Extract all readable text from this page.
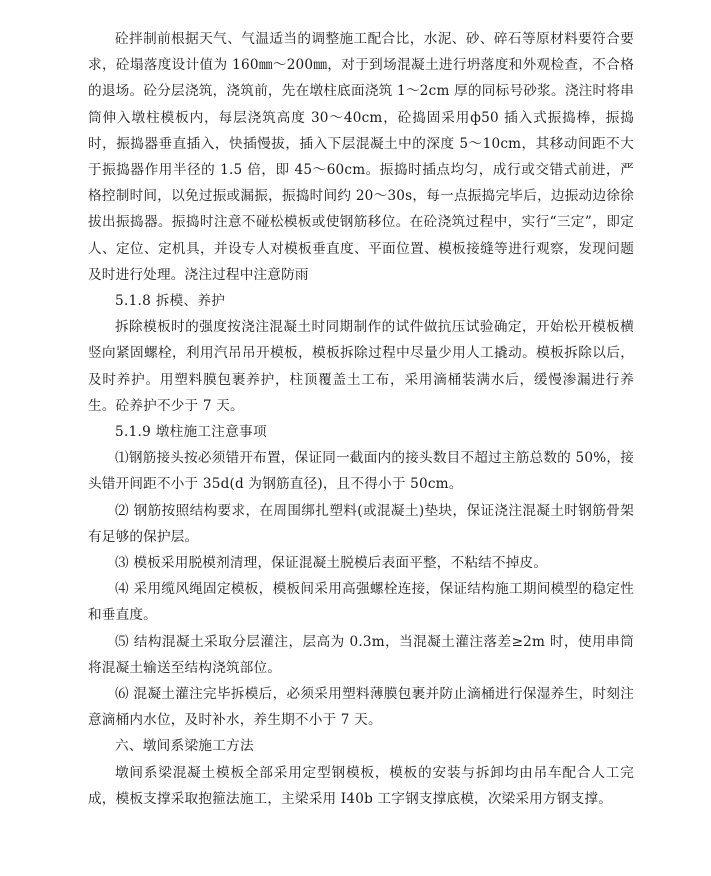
砼拌制前根据天气、气温适当的调整施工配合比，水泥、砂、碎石等原材料要符合要求，砼塌落度设计值为 160㎜～200㎜，对于到场混凝土进行坍落度和外观检查，不合格的退场。砼分层浇筑，浇筑前，先在墩柱底面浇筑 1～2cm 厚的同标号砂浆。浇注时将串筒伸入墩柱模板内，每层浇筑高度 30～40cm，砼捣固采用ф50 插入式振捣棒，振捣时，振捣器垂直插入，快插慢拔，插入下层混凝土中的深度 5～10cm，其移动间距不大于振捣器作用半径的 1.5 倍，即 45～60cm。振捣时插点均匀，成行或交错式前进，严格控制时间，以免过振或漏振，振捣时间约 20～30s，每一点振捣完毕后，边振动边徐徐拔出振捣器。振捣时注意不碰松模板或使钢筋移位。在砼浇筑过程中，实行“三定”，即定人、定位、定机具，并设专人对模板垂直度、平面位置、模板接缝等进行观察，发现问题及时进行处理。浇注过程中注意防雨

5.1.8 拆模、养护

拆除模板时的强度按浇注混凝土时同期制作的试件做抗压试验确定，开始松开模板横竖向紧固螺栓，利用汽吊吊开模板，模板拆除过程中尽量少用人工撬动。模板拆除以后，及时养护。用塑料膜包裹养护，柱顶覆盖土工布，采用滴桶装满水后，缓慢渗漏进行养生。砼养护不少于 7 天。

5.1.9 墩柱施工注意事项

⑴钢筋接头按必须错开布置，保证同一截面内的接头数目不超过主筋总数的 50%，接头错开间距不小于 35d(d 为钢筋直径)，且不得小于 50cm。

⑵ 钢筋按照结构要求，在周围绑扎塑料(或混凝土)垫块，保证浇注混凝土时钢筋骨架有足够的保护层。

⑶ 模板采用脱模剂清理，保证混凝土脱模后表面平整，不粘结不掉皮。

⑷ 采用缆风绳固定模板，模板间采用高强螺栓连接，保证结构施工期间模型的稳定性和垂直度。

⑸ 结构混凝土采取分层灌注，层高为 0.3m，当混凝土灌注落差≥2m 时，使用串筒将混凝土输送至结构浇筑部位。

⑹ 混凝土灌注完毕拆模后，必须采用塑料薄膜包裹并防止滴桶进行保湿养生，时刻注意滴桶内水位，及时补水，养生期不小于 7 天。

六、墩间系梁施工方法

墩间系梁混凝土模板全部采用定型钢模板，模板的安装与拆卸均由吊车配合人工完成，模板支撑采取抱箍法施工，主梁采用 I40b 工字钢支撑底模，次梁采用方钢支撑。
